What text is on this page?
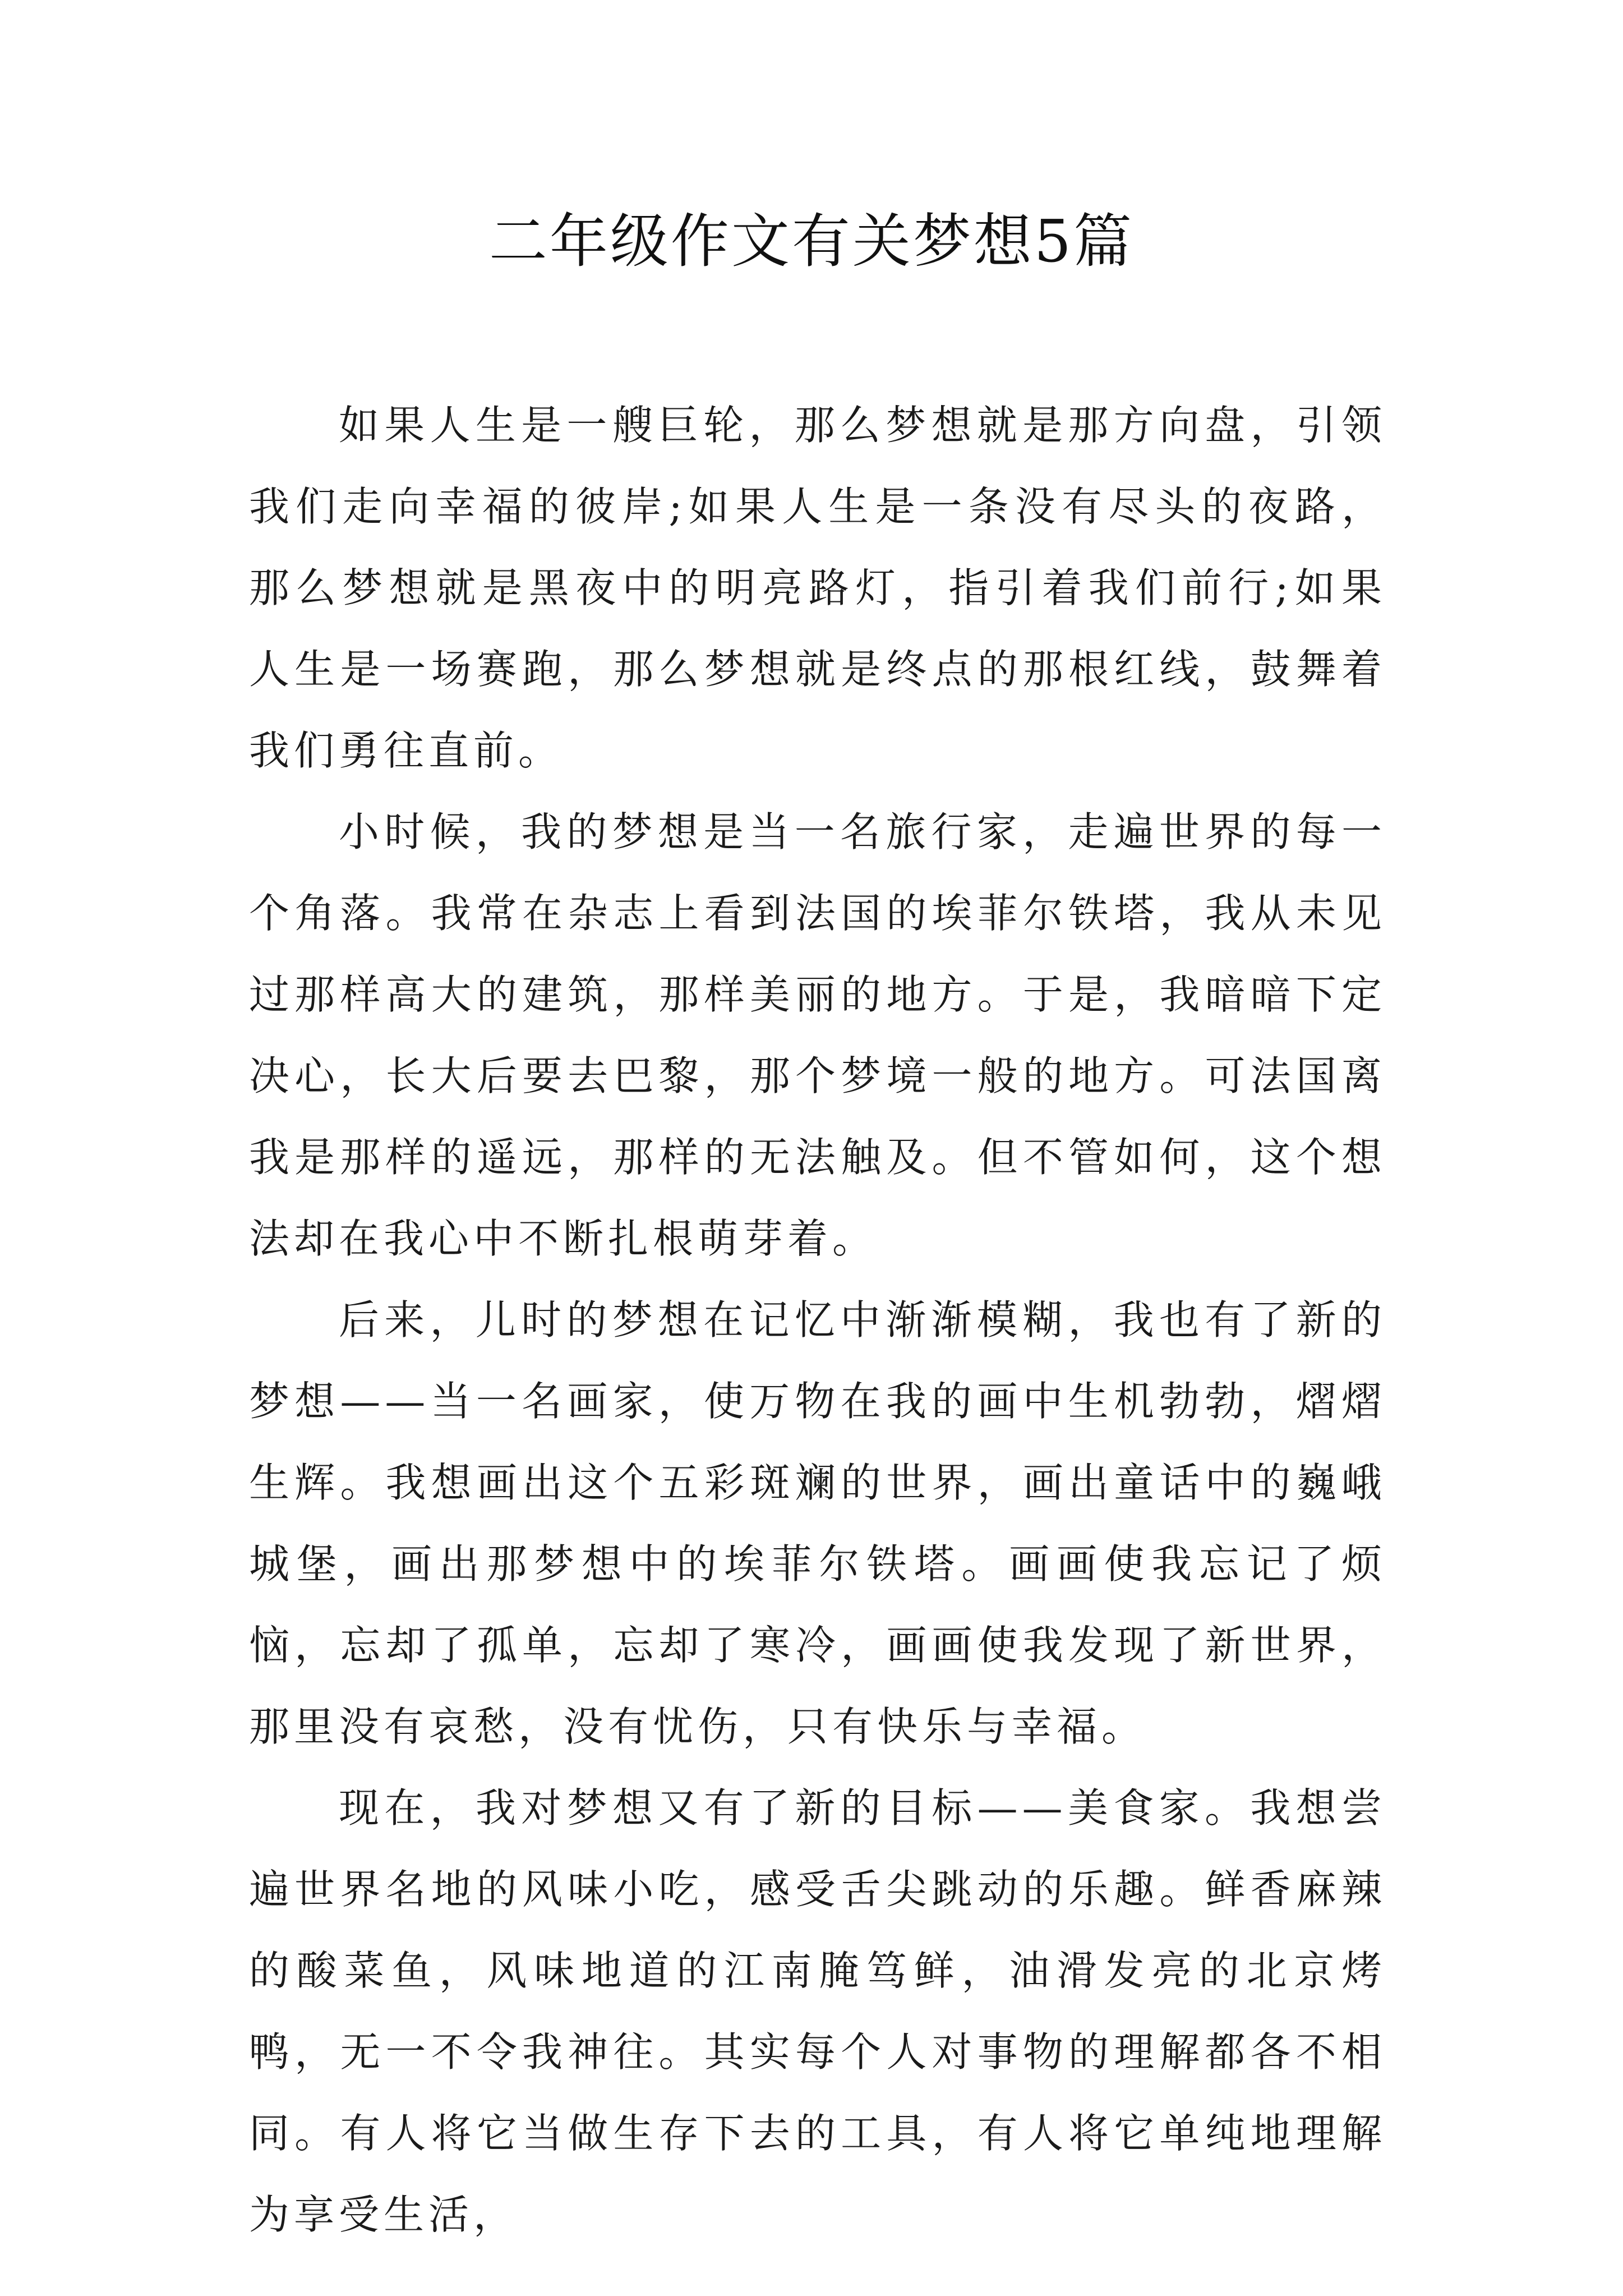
二年级作文有关梦想5篇

如果人生是一艘巨轮，那么梦想就是那方向盘，引领我们走向幸福的彼岸;如果人生是一条没有尽头的夜路，那么梦想就是黑夜中的明亮路灯，指引着我们前行;如果人生是一场赛跑，那么梦想就是终点的那根红线，鼓舞着我们勇往直前。

小时候，我的梦想是当一名旅行家，走遍世界的每一个角落。我常在杂志上看到法国的埃菲尔铁塔，我从未见过那样高大的建筑，那样美丽的地方。于是，我暗暗下定决心，长大后要去巴黎，那个梦境一般的地方。可法国离我是那样的遥远，那样的无法触及。但不管如何，这个想法却在我心中不断扎根萌芽着。

后来，儿时的梦想在记忆中渐渐模糊，我也有了新的梦想——当一名画家，使万物在我的画中生机勃勃，熠熠生辉。我想画出这个五彩斑斓的世界，画出童话中的巍峨城堡，画出那梦想中的埃菲尔铁塔。画画使我忘记了烦恼，忘却了孤单，忘却了寒冷，画画使我发现了新世界，那里没有哀愁，没有忧伤，只有快乐与幸福。

现在，我对梦想又有了新的目标——美食家。我想尝遍世界名地的风味小吃，感受舌尖跳动的乐趣。鲜香麻辣的酸菜鱼，风味地道的江南腌笃鲜，油滑发亮的北京烤鸭，无一不令我神往。其实每个人对事物的理解都各不相同。有人将它当做生存下去的工具，有人将它单纯地理解为享受生活，
